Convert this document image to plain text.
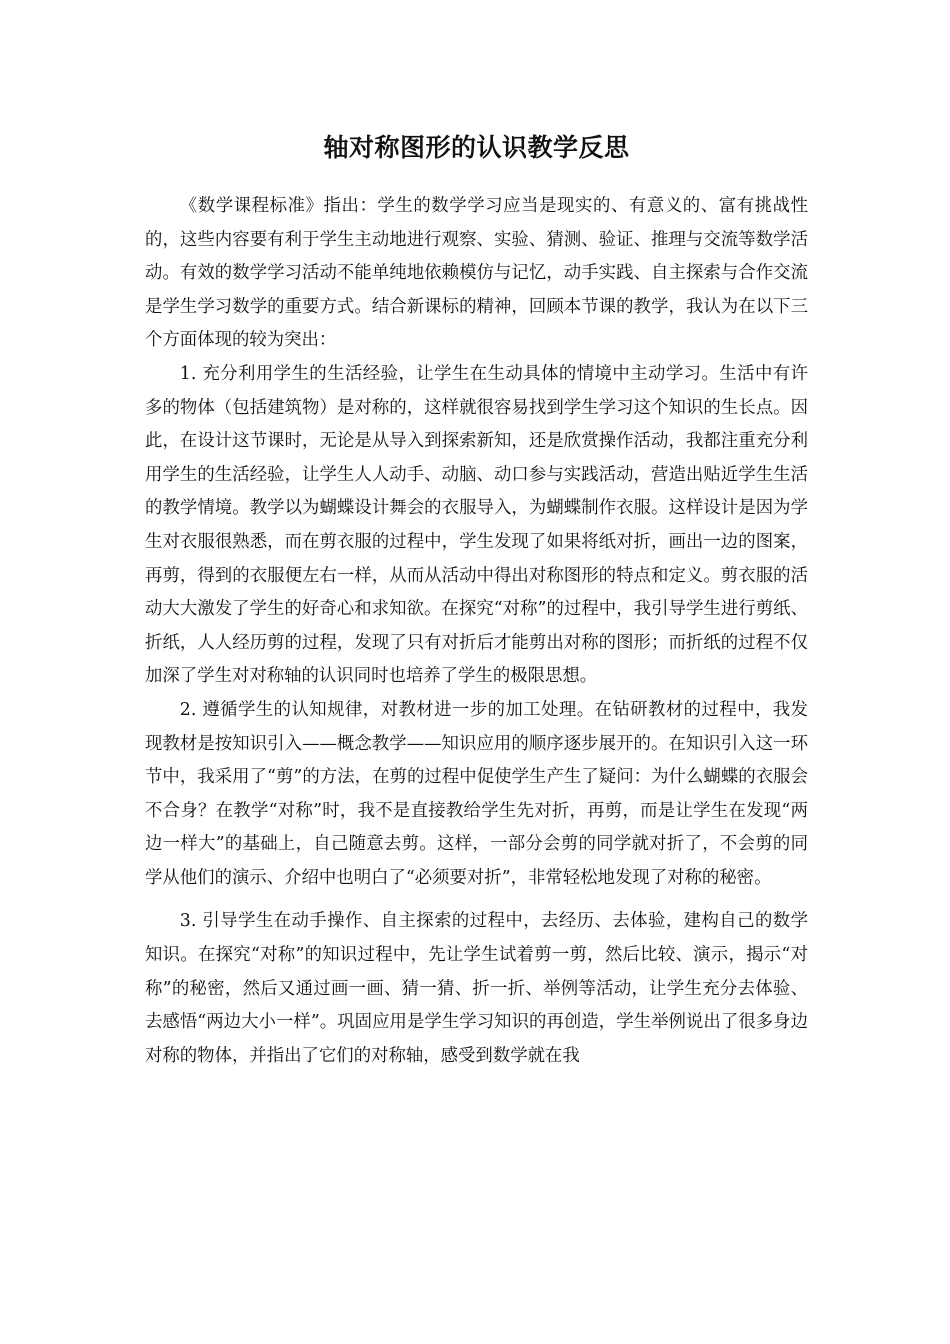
轴对称图形的认识教学反思

《数学课程标准》指出：学生的数学学习应当是现实的、有意义的、富有挑战性的，这些内容要有利于学生主动地进行观察、实验、猜测、验证、推理与交流等数学活动。有效的数学学习活动不能单纯地依赖模仿与记忆，动手实践、自主探索与合作交流是学生学习数学的重要方式。结合新课标的精神，回顾本节课的教学，我认为在以下三个方面体现的较为突出：

1. 充分利用学生的生活经验，让学生在生动具体的情境中主动学习。生活中有许多的物体（包括建筑物）是对称的，这样就很容易找到学生学习这个知识的生长点。因此，在设计这节课时，无论是从导入到探索新知，还是欣赏操作活动，我都注重充分利用学生的生活经验，让学生人人动手、动脑、动口参与实践活动，营造出贴近学生生活的教学情境。教学以为蝴蝶设计舞会的衣服导入，为蝴蝶制作衣服。这样设计是因为学生对衣服很熟悉，而在剪衣服的过程中，学生发现了如果将纸对折，画出一边的图案，再剪，得到的衣服便左右一样，从而从活动中得出对称图形的特点和定义。剪衣服的活动大大激发了学生的好奇心和求知欲。在探究“对称”的过程中，我引导学生进行剪纸、折纸，人人经历剪的过程，发现了只有对折后才能剪出对称的图形；而折纸的过程不仅加深了学生对对称轴的认识同时也培养了学生的极限思想。

2. 遵循学生的认知规律，对教材进一步的加工处理。在钻研教材的过程中，我发现教材是按知识引入——概念教学——知识应用的顺序逐步展开的。在知识引入这一环节中，我采用了“剪”的方法，在剪的过程中促使学生产生了疑问：为什么蝴蝶的衣服会不合身？在教学“对称”时，我不是直接教给学生先对折，再剪，而是让学生在发现“两边一样大”的基础上，自己随意去剪。这样，一部分会剪的同学就对折了，不会剪的同学从他们的演示、介绍中也明白了“必须要对折”，非常轻松地发现了对称的秘密。

3. 引导学生在动手操作、自主探索的过程中，去经历、去体验，建构自己的数学知识。在探究“对称”的知识过程中，先让学生试着剪一剪，然后比较、演示，揭示“对称”的秘密，然后又通过画一画、猜一猜、折一折、举例等活动，让学生充分去体验、去感悟“两边大小一样”。巩固应用是学生学习知识的再创造，学生举例说出了很多身边对称的物体，并指出了它们的对称轴，感受到数学就在我
